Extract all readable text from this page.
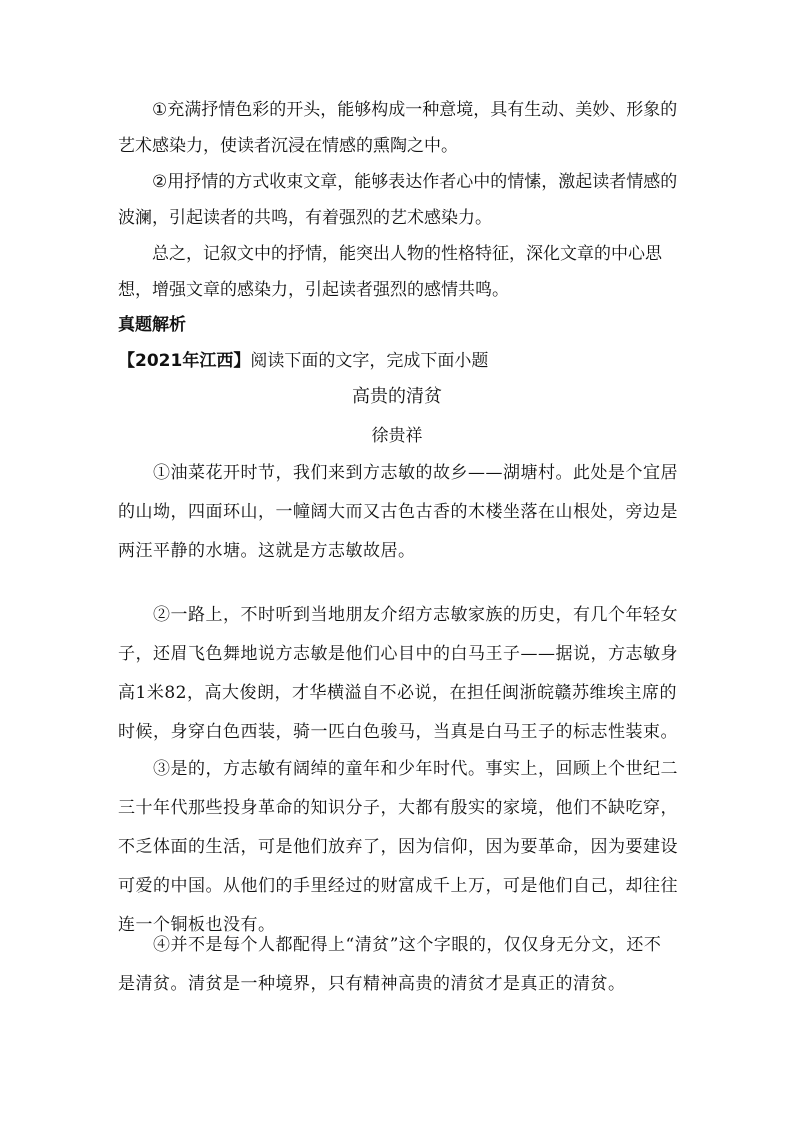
　　①充满抒情色彩的开头，能够构成一种意境，具有生动、美妙、形象的艺术感染力，使读者沉浸在情感的熏陶之中。

　　②用抒情的方式收束文章，能够表达作者心中的情愫，激起读者情感的波澜，引起读者的共鸣，有着强烈的艺术感染力。

　　总之，记叙文中的抒情，能突出人物的性格特征，深化文章的中心思想，增强文章的感染力，引起读者强烈的感情共鸣。

真题解析

【2021年江西】阅读下面的文字，完成下面小题

高贵的清贫

徐贵祥

　　①油菜花开时节，我们来到方志敏的故乡——湖塘村。此处是个宜居的山坳，四面环山，一幢阔大而又古色古香的木楼坐落在山根处，旁边是两汪平静的水塘。这就是方志敏故居。

　　②一路上，不时听到当地朋友介绍方志敏家族的历史，有几个年轻女子，还眉飞色舞地说方志敏是他们心目中的白马王子——据说，方志敏身高1米82，高大俊朗，才华横溢自不必说，在担任闽浙皖赣苏维埃主席的时候，身穿白色西装，骑一匹白色骏马，当真是白马王子的标志性装束。

　　③是的，方志敏有阔绰的童年和少年时代。事实上，回顾上个世纪二三十年代那些投身革命的知识分子，大都有殷实的家境，他们不缺吃穿，不乏体面的生活，可是他们放弃了，因为信仰，因为要革命，因为要建设可爱的中国。从他们的手里经过的财富成千上万，可是他们自己，却往往连一个铜板也没有。

　　④并不是每个人都配得上“清贫”这个字眼的，仅仅身无分文，还不是清贫。清贫是一种境界，只有精神高贵的清贫才是真正的清贫。
